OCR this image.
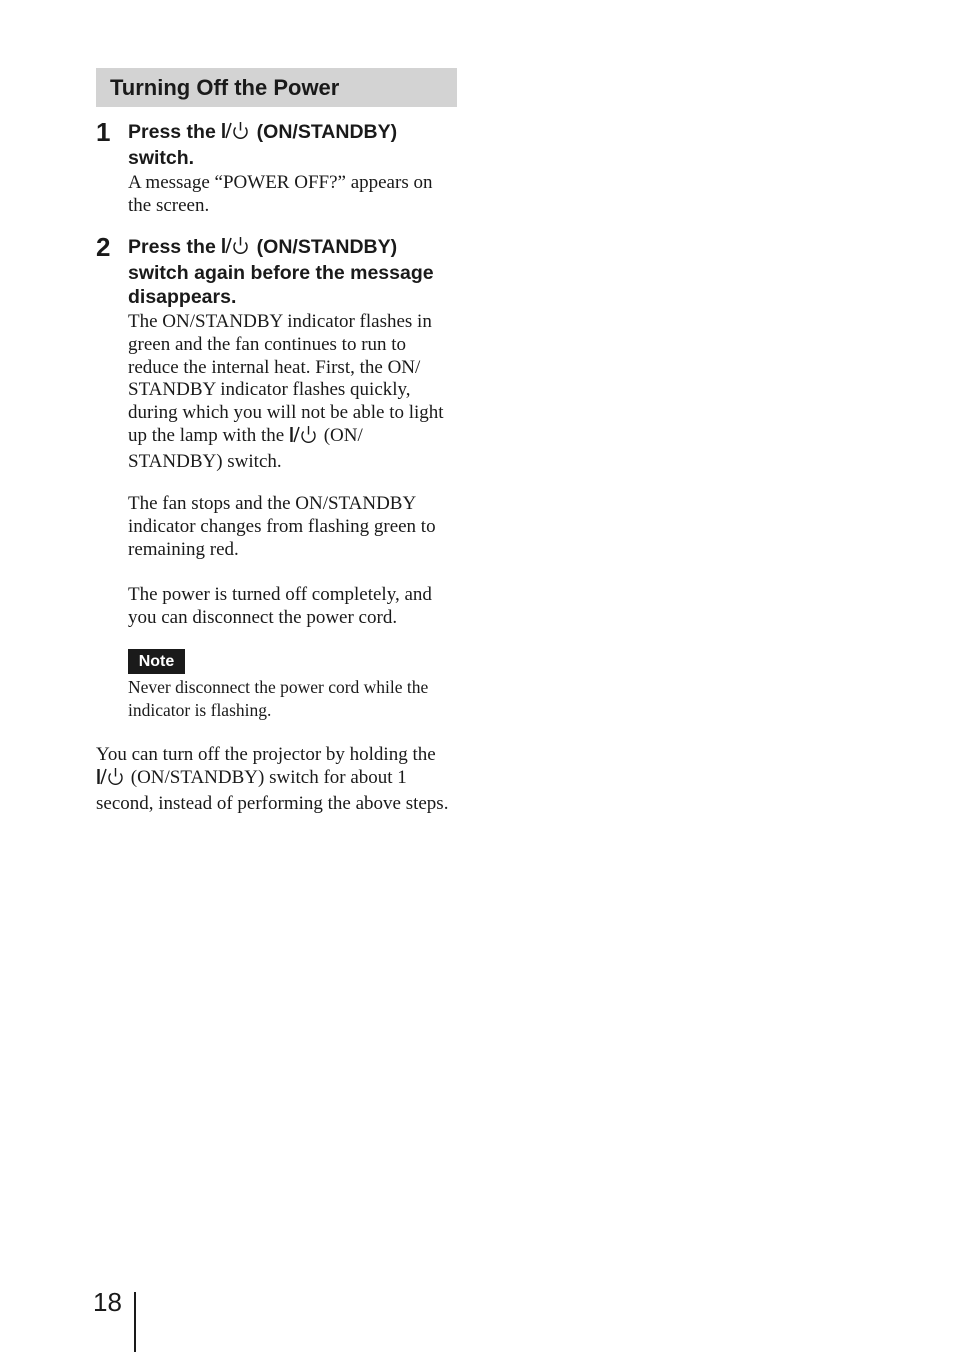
Turning Off the Power
1 Press the (ON/STANDBY) switch.

A message “POWER OFF?” appears on the screen.

2 Press the (ON/STANDBY) switch again before the message disappears.

The ON/STANDBY indicator flashes in green and the fan continues to run to reduce the internal heat. First, the ON/ STANDBY indicator flashes quickly, during which you will not be able to light up the lamp with the (ON/ STANDBY) switch.

The fan stops and the ON/STANDBY indicator changes from flashing green to remaining red.
The power is turned off completely, and you can disconnect the power cord.
Note
Never disconnect the power cord while the indicator is flashing.
You can turn off the projector by holding the  (ON/STANDBY) switch for about 1 second, instead of performing the above steps.
18
